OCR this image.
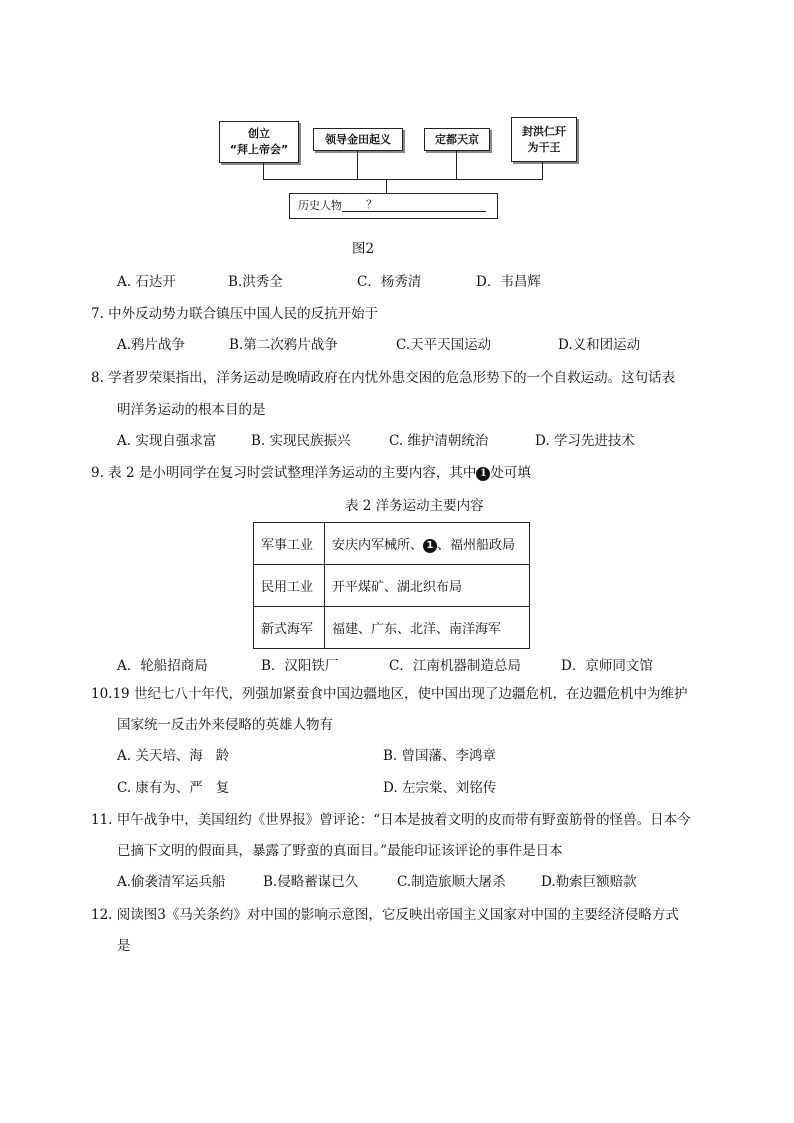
创立
“拜上帝会”
领导金田起义	定都天京
封洪仁玕
为干王
历史人物 ？
图2
A. 石达开	B.洪秀全	C．杨秀清	D．韦昌辉
7. 中外反动势力联合镇压中国人民的反抗开始于
A.鸦片战争	B.第二次鸦片战争	C.天平天国运动	D.义和团运动
8. 学者罗荣渠指出，洋务运动是晚晴政府在内忧外患交困的危急形势下的一个自救运动。这句话表
明洋务运动的根本目的是
A. 实现自强求富	B. 实现民族振兴	C. 维护清朝统治	D. 学习先进技术
9. 表 2 是小明同学在复习时尝试整理洋务运动的主要内容，其中 1 处可填
表 2 洋务运动主要内容
军事工业	安庆内军械所、 1 、福州船政局
民用工业	开平煤矿、湖北织布局
新式海军	福建、广东、北洋、南洋海军
A．轮船招商局	B．汉阳铁厂	C．江南机器制造总局	D．京师同文馆
10.19 世纪七八十年代，列强加紧蚕食中国边疆地区，使中国出现了边疆危机，在边疆危机中为维护
国家统一反击外来侵略的英雄人物有
A. 关天培、海   龄	B. 曾国藩、李鸿章
C. 康有为、严   复	D. 左宗棠、刘铭传
11. 甲午战争中，美国纽约《世界报》曾评论：“日本是披着文明的皮而带有野蛮筋骨的怪兽。日本今
已摘下文明的假面具，暴露了野蛮的真面目。”最能印证该评论的事件是日本
A.偷袭清军运兵船	B.侵略蓄谋已久	C.制造旅顺大屠杀	D.勒索巨额赔款
12. 阅读图3《马关条约》对中国的影响示意图，它反映出帝国主义国家对中国的主要经济侵略方式
是
